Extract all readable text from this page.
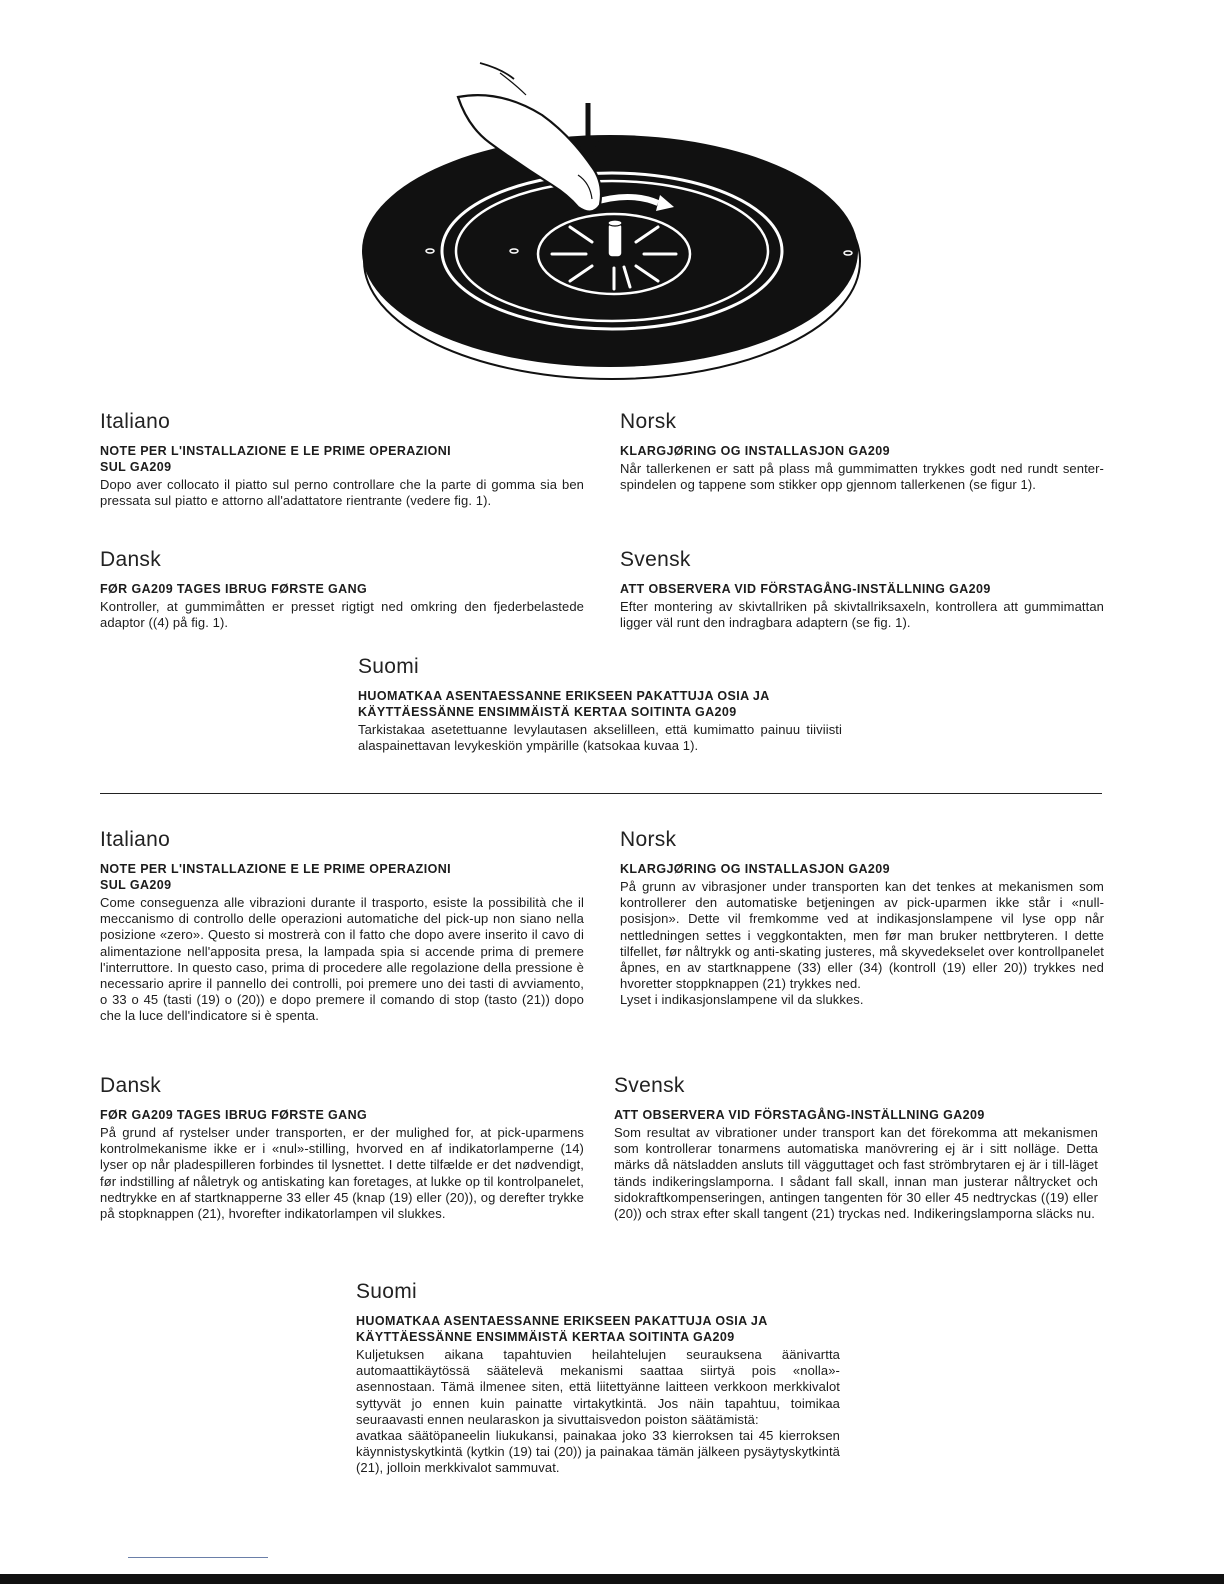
Italiano
NOTE PER L'INSTALLAZIONE E LE PRIME OPERAZIONI
SUL GA209

Dopo aver collocato il piatto sul perno controllare che la parte di gomma sia ben pressata sul piatto e attorno all'adattatore rientrante (vedere fig. 1).

Norsk
KLARGJØRING OG INSTALLASJON GA209

Når tallerkenen er satt på plass må gummimatten trykkes godt ned rundt senter-spindelen og tappene som stikker opp gjennom tallerkenen (se figur 1).

Dansk
FØR GA209 TAGES IBRUG FØRSTE GANG

Kontroller, at gummimåtten er presset rigtigt ned omkring den fjederbelastede adaptor ((4) på fig. 1).

Svensk
ATT OBSERVERA VID FÖRSTAGÅNG-INSTÄLLNING GA209

Efter montering av skivtallriken på skivtallriksaxeln, kontrollera att gummimattan ligger väl runt den indragbara adaptern (se fig. 1).

Suomi
HUOMATKAA ASENTAESSANNE ERIKSEEN PAKATTUJA OSIA JA
KÄYTTÄESSÄNNE ENSIMMÄISTÄ KERTAA SOITINTA GA209

Tarkistakaa asetettuanne levylautasen akselilleen, että kumimatto painuu tiiviisti alaspainettavan levykeskiön ympärille (katsokaa kuvaa 1).

Italiano
NOTE PER L'INSTALLAZIONE E LE PRIME OPERAZIONI
SUL GA209

Come conseguenza alle vibrazioni durante il trasporto, esiste la possibilità che il meccanismo di controllo delle operazioni automatiche del pick-up non siano nella posizione «zero». Questo si mostrerà con il fatto che dopo avere inserito il cavo di alimentazione nell'apposita presa, la lampada spia si accende prima di premere l'interruttore. In questo caso, prima di procedere alle regolazione della pressione è necessario aprire il pannello dei controlli, poi premere uno dei tasti di avviamento, o 33 o 45 (tasti (19) o (20)) e dopo premere il comando di stop (tasto (21)) dopo che la luce dell'indicatore si è spenta.

Norsk
KLARGJØRING OG INSTALLASJON GA209

På grunn av vibrasjoner under transporten kan det tenkes at mekanismen som kontrollerer den automatiske betjeningen av pick-uparmen ikke står i «null-posisjon». Dette vil fremkomme ved at indikasjonslampene vil lyse opp når nettledningen settes i veggkontakten, men før man bruker nettbryteren. I dette tilfellet, før nåltrykk og anti-skating justeres, må skyvedekselet over kontrollpanelet åpnes, en av startknappene (33) eller (34) (kontroll (19) eller 20)) trykkes ned hvoretter stoppknappen (21) trykkes ned.

Lyset i indikasjonslampene vil da slukkes.

Dansk
FØR GA209 TAGES IBRUG FØRSTE GANG

På grund af rystelser under transporten, er der mulighed for, at pick-uparmens kontrolmekanisme ikke er i «nul»-stilling, hvorved en af indikatorlamperne (14) lyser op når pladespilleren forbindes til lysnettet. I dette tilfælde er det nødvendigt, før indstilling af nåletryk og antiskating kan foretages, at lukke op til kontrolpanelet, nedtrykke en af startknapperne 33 eller 45 (knap (19) eller (20)), og derefter trykke på stopknappen (21), hvorefter indikatorlampen vil slukkes.

Svensk
ATT OBSERVERA VID FÖRSTAGÅNG-INSTÄLLNING GA209

Som resultat av vibrationer under transport kan det förekomma att mekanismen som kontrollerar tonarmens automatiska manövrering ej är i sitt nolläge. Detta märks då nätsladden ansluts till vägguttaget och fast strömbrytaren ej är i till-läget tänds indikeringslamporna. I sådant fall skall, innan man justerar nåltrycket och sidokraftkompenseringen, antingen tangenten för 30 eller 45 nedtryckas ((19) eller (20)) och strax efter skall tangent (21) tryckas ned. Indikeringslamporna släcks nu.

Suomi
HUOMATKAA ASENTAESSANNE ERIKSEEN PAKATTUJA OSIA JA
KÄYTTÄESSÄNNE ENSIMMÄISTÄ KERTAA SOITINTA GA209

Kuljetuksen aikana tapahtuvien heilahtelujen seurauksena äänivartta automaattikäytössä säätelevä mekanismi saattaa siirtyä pois «nolla»-asennostaan. Tämä ilmenee siten, että liitettyänne laitteen verkkoon merkkivalot syttyvät jo ennen kuin painatte virtakytkintä. Jos näin tapahtuu, toimikaa seuraavasti ennen neularaskon ja sivuttaisvedon poiston säätämistä:

avatkaa säätöpaneelin liukukansi, painakaa joko 33 kierroksen tai 45 kierroksen käynnistyskytkintä (kytkin (19) tai (20)) ja painakaa tämän jälkeen pysäytyskytkintä (21), jolloin merkkivalot sammuvat.
